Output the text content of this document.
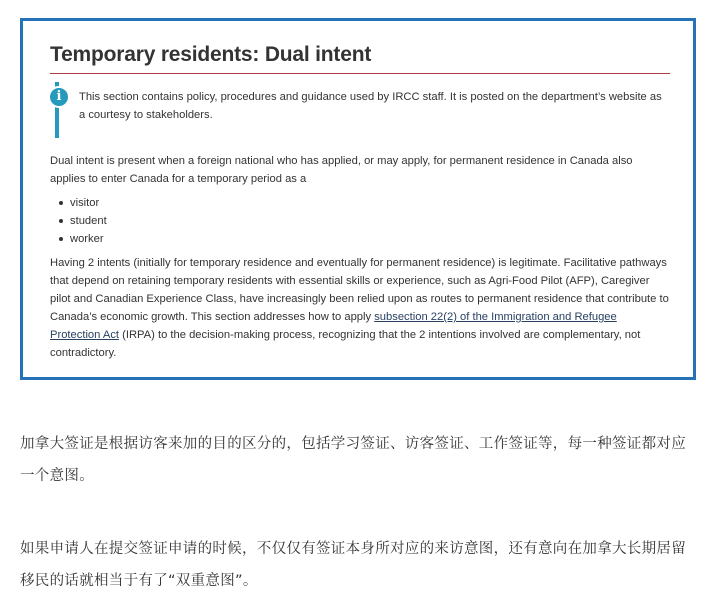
Temporary residents: Dual intent
i	This section contains policy, procedures and guidance used by IRCC staff. It is posted on the department’s website as a courtesy to stakeholders.

Dual intent is present when a foreign national who has applied, or may apply, for permanent residence in Canada also applies to enter Canada for a temporary period as a

visitor
student
worker

Having 2 intents (initially for temporary residence and eventually for permanent residence) is legitimate. Facilitative pathways that depend on retaining temporary residents with essential skills or experience, such as Agri-Food Pilot (AFP), Caregiver pilot and Canadian Experience Class, have increasingly been relied upon as routes to permanent residence that contribute to Canada’s economic growth. This section addresses how to apply subsection 22(2) of the Immigration and Refugee Protection Act (IRPA) to the decision-making process, recognizing that the 2 intentions involved are complementary, not contradictory.

加拿大签证是根据访客来加的目的区分的，包括学习签证、访客签证、工作签证等，每一种签证都对应一个意图。

如果申请人在提交签证申请的时候，不仅仅有签证本身所对应的来访意图，还有意向在加拿大长期居留移民的话就相当于有了“双重意图”。
